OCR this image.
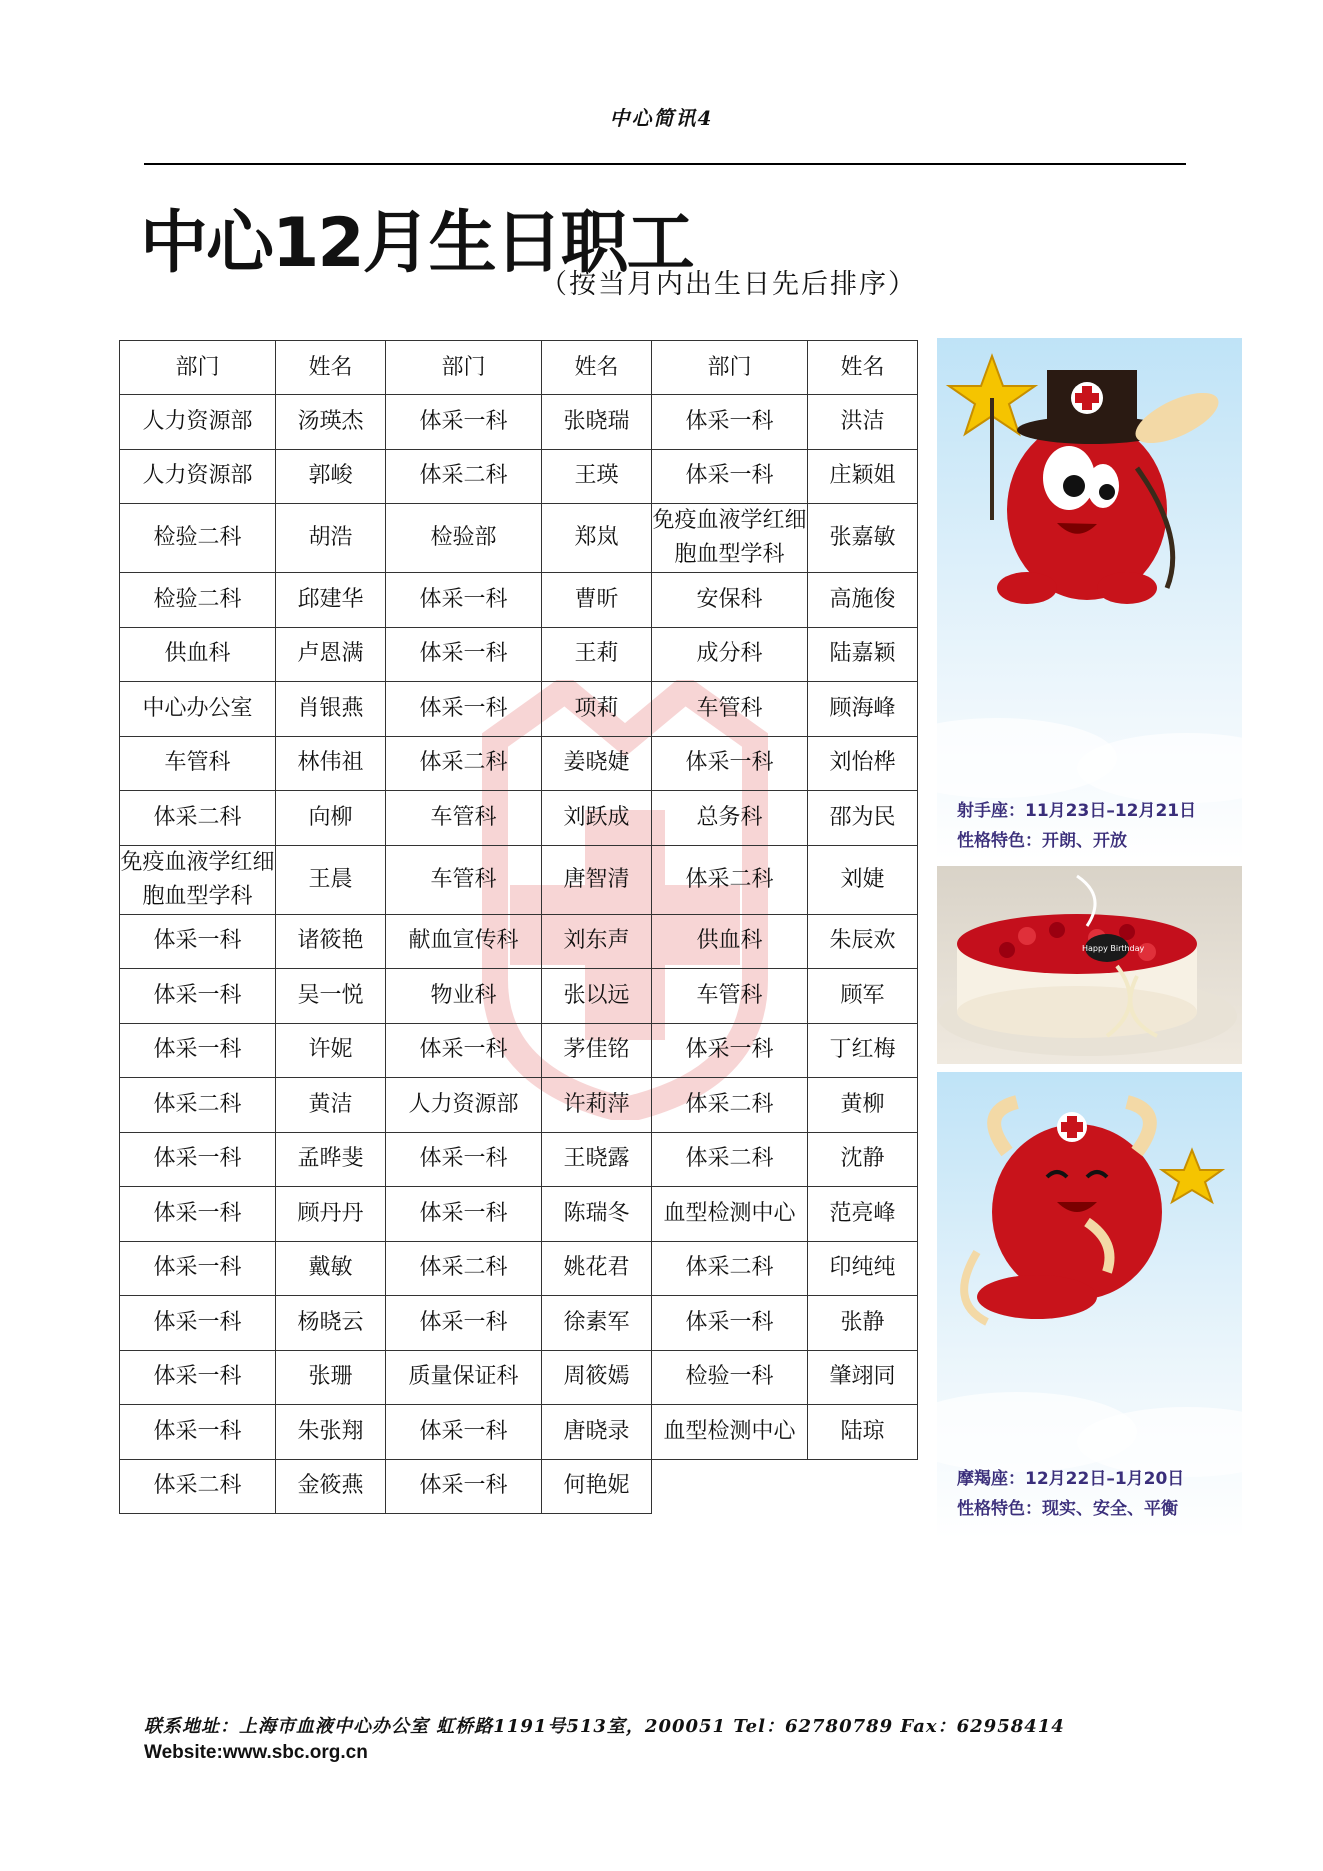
中心简讯4
中心12月生日职工
（按当月内出生日先后排序）
部门	姓名	部门	姓名	部门	姓名
人力资源部	汤瑛杰	体采一科	张晓瑞	体采一科	洪洁
人力资源部	郭峻	体采二科	王瑛	体采一科	庄颖姐
检验二科	胡浩	检验部	郑岚	免疫血液学红细胞血型学科	张嘉敏
检验二科	邱建华	体采一科	曹昕	安保科	高施俊
供血科	卢恩满	体采一科	王莉	成分科	陆嘉颖
中心办公室	肖银燕	体采一科	项莉	车管科	顾海峰
车管科	林伟祖	体采二科	姜晓婕	体采一科	刘怡桦
体采二科	向柳	车管科	刘跃成	总务科	邵为民
免疫血液学红细胞血型学科	王晨	车管科	唐智清	体采二科	刘婕
体采一科	诸筱艳	献血宣传科	刘东声	供血科	朱辰欢
体采一科	吴一悦	物业科	张以远	车管科	顾军
体采一科	许妮	体采一科	茅佳铭	体采一科	丁红梅
体采二科	黄洁	人力资源部	许莉萍	体采二科	黄柳
体采一科	孟晔斐	体采一科	王晓露	体采二科	沈静
体采一科	顾丹丹	体采一科	陈瑞冬	血型检测中心	范亮峰
体采一科	戴敏	体采二科	姚花君	体采二科	印纯纯
体采一科	杨晓云	体采一科	徐素军	体采一科	张静
体采一科	张珊	质量保证科	周筱嫣	检验一科	肇翊同
体采一科	朱张翔	体采一科	唐晓录	血型检测中心	陆琼
体采二科	金筱燕	体采一科	何艳妮		
射手座：11月23日–12月21日
性格特色：开朗、开放
Happy Birthday
摩羯座：12月22日–1月20日
性格特色：现实、安全、平衡
联系地址：上海市血液中心办公室 虹桥路1191号513室，200051 Tel：62780789 Fax：62958414
Website:www.sbc.org.cn
